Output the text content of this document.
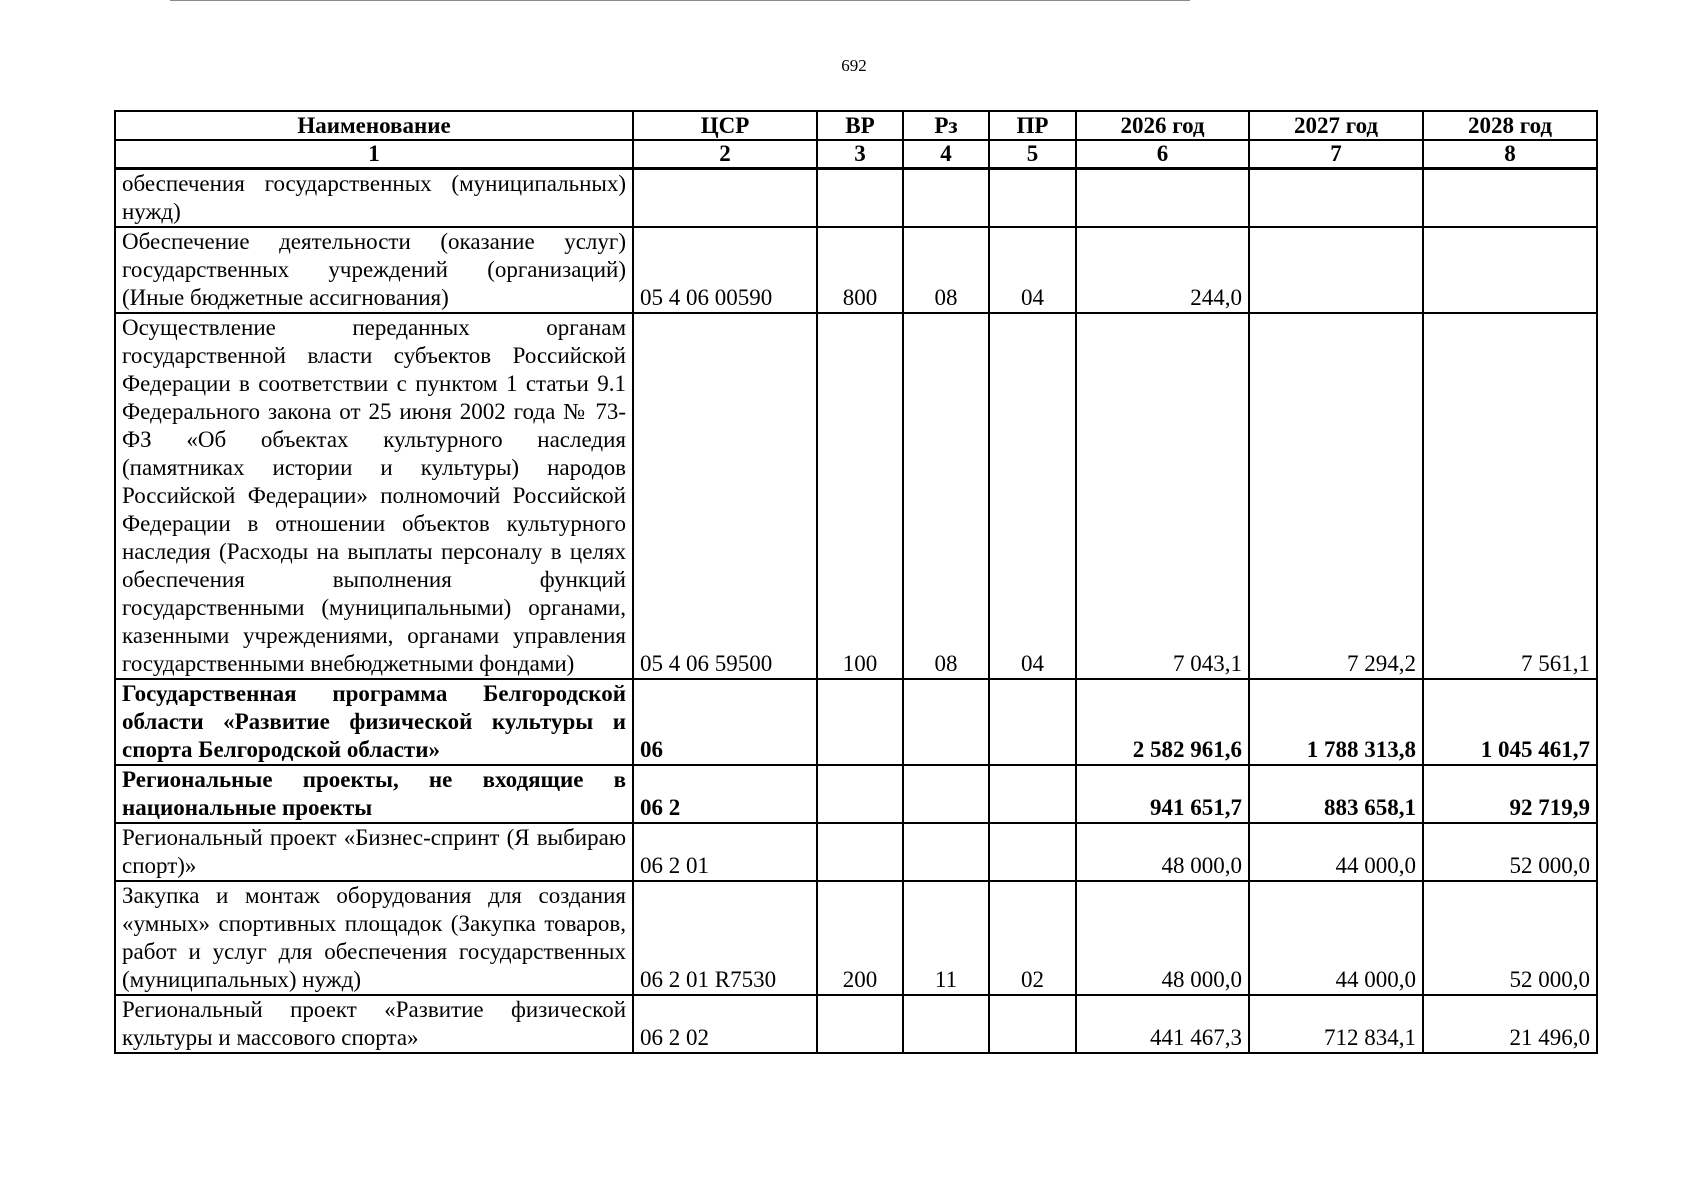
692
Наименование	ЦСР	ВР	Рз	ПР	2026 год	2027 год	2028 год
1	2	3	4	5	6	7	8
обеспечения государственных (муниципальных) нужд)							
Обеспечение деятельности (оказание услуг) государственных учреждений (организаций) (Иные бюджетные ассигнования)	05 4 06 00590	800	08	04	244,0		
Осуществление переданных органам государственной власти субъектов Российской Федерации в соответствии с пунктом 1 статьи 9.1 Федерального закона от 25 июня 2002 года № 73-ФЗ «Об объектах культурного наследия (памятниках истории и культуры) народов Российской Федерации» полномочий Российской Федерации в отношении объектов культурного наследия (Расходы на выплаты персоналу в целях обеспечения выполнения функций государственными (муниципальными) органами, казенными учреждениями, органами управления государственными внебюджетными фондами)	05 4 06 59500	100	08	04	7 043,1	7 294,2	7 561,1
Государственная программа Белгородской области «Развитие физической культуры и спорта Белгородской области»	06				2 582 961,6	1 788 313,8	1 045 461,7
Региональные проекты, не входящие в национальные проекты	06 2				941 651,7	883 658,1	92 719,9
Региональный проект «Бизнес-спринт (Я выбираю спорт)»	06 2 01				48 000,0	44 000,0	52 000,0
Закупка и монтаж оборудования для создания «умных» спортивных площадок (Закупка товаров, работ и услуг для обеспечения государственных (муниципальных) нужд)	06 2 01 R7530	200	11	02	48 000,0	44 000,0	52 000,0
Региональный проект «Развитие физической культуры и массового спорта»	06 2 02				441 467,3	712 834,1	21 496,0
